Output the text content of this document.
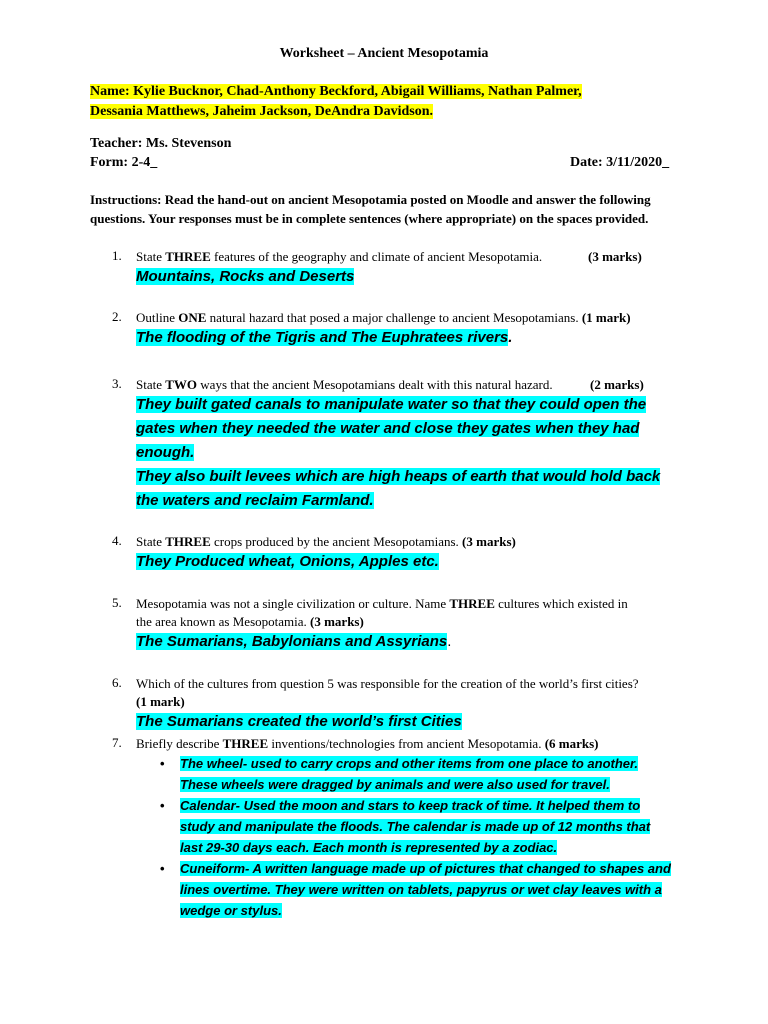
Worksheet – Ancient Mesopotamia
Name: Kylie Bucknor, Chad-Anthony Beckford, Abigail Williams, Nathan Palmer,
Dessania Matthews, Jaheim Jackson, DeAndra Davidson.
Teacher: Ms. Stevenson
Form: 2-4_	Date: 3/11/2020_
Instructions: Read the hand-out on ancient Mesopotamia posted on Moodle and answer the following questions. Your responses must be in complete sentences (where appropriate) on the spaces provided.
1. State THREE features of the geography and climate of ancient Mesopotamia.	(3 marks)
Mountains, Rocks and Deserts
2. Outline ONE natural hazard that posed a major challenge to ancient Mesopotamians. (1 mark)
The flooding of the Tigris and The Euphratees rivers.
3. State TWO ways that the ancient Mesopotamians dealt with this natural hazard.	(2 marks)
They built gated canals to manipulate water so that they could open the
gates when they needed the water and close they gates when they had
enough.
They also built levees which are high heaps of earth that would hold back
the waters and reclaim Farmland.
4. State THREE crops produced by the ancient Mesopotamians. (3 marks)
They Produced wheat, Onions, Apples etc.
5. Mesopotamia was not a single civilization or culture. Name THREE cultures which existed in
the area known as Mesopotamia. (3 marks)
The Sumarians, Babylonians and Assyrians.
6. Which of the cultures from question 5 was responsible for the creation of the world’s first cities?
(1 mark)
The Sumarians created the world’s first Cities
7. Briefly describe THREE inventions/technologies from ancient Mesopotamia. (6 marks)
• The wheel- used to carry crops and other items from one place to another.
These wheels were dragged by animals and were also used for travel.
• Calendar- Used the moon and stars to keep track of time. It helped them to
study and manipulate the floods. The calendar is made up of 12 months that
last 29-30 days each. Each month is represented by a zodiac.
• Cuneiform- A written language made up of pictures that changed to shapes and
lines overtime. They were written on tablets, papyrus or wet clay leaves with a
wedge or stylus.
